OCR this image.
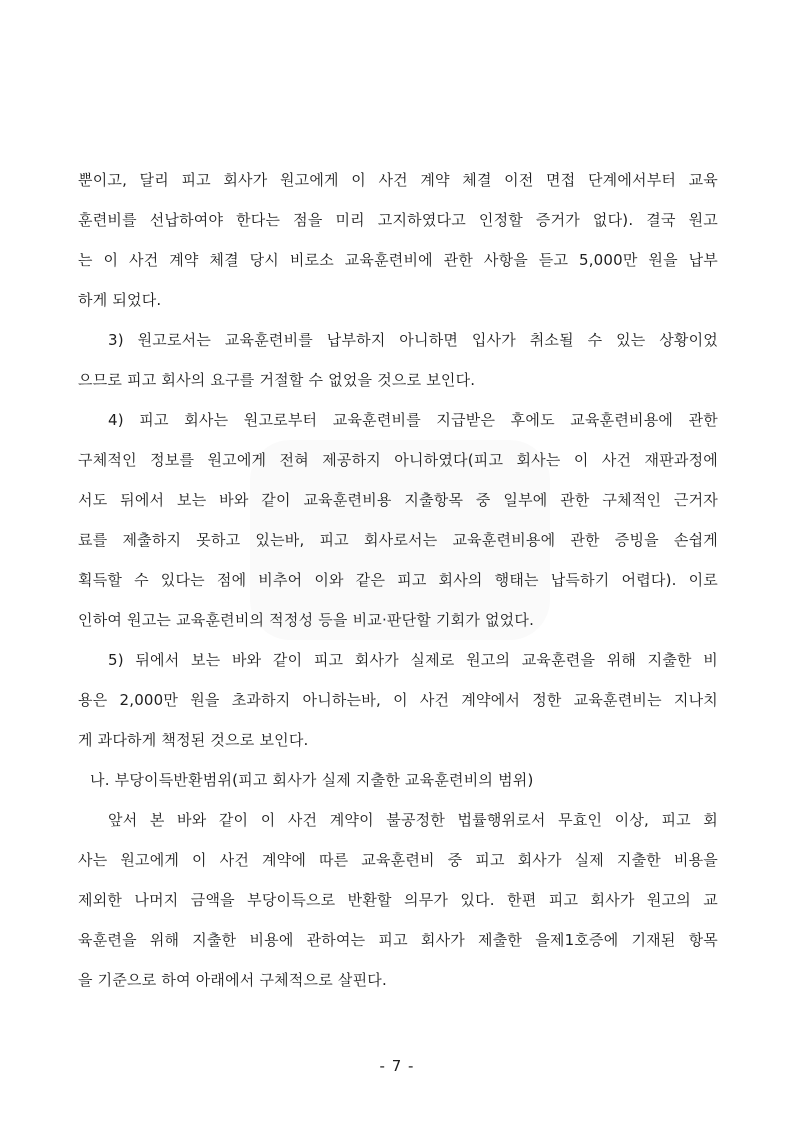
뿐이고, 달리 피고 회사가 원고에게 이 사건 계약 체결 이전 면접 단계에서부터 교육
훈련비를 선납하여야 한다는 점을 미리 고지하였다고 인정할 증거가 없다). 결국 원고
는 이 사건 계약 체결 당시 비로소 교육훈련비에 관한 사항을 듣고 5,000만 원을 납부
하게 되었다.
3) 원고로서는 교육훈련비를 납부하지 아니하면 입사가 취소될 수 있는 상황이었
으므로 피고 회사의 요구를 거절할 수 없었을 것으로 보인다.
4) 피고 회사는 원고로부터 교육훈련비를 지급받은 후에도 교육훈련비용에 관한
구체적인 정보를 원고에게 전혀 제공하지 아니하였다(피고 회사는 이 사건 재판과정에
서도 뒤에서 보는 바와 같이 교육훈련비용 지출항목 중 일부에 관한 구체적인 근거자
료를 제출하지 못하고 있는바, 피고 회사로서는 교육훈련비용에 관한 증빙을 손쉽게
획득할 수 있다는 점에 비추어 이와 같은 피고 회사의 행태는 납득하기 어렵다). 이로
인하여 원고는 교육훈련비의 적정성 등을 비교·판단할 기회가 없었다.
5) 뒤에서 보는 바와 같이 피고 회사가 실제로 원고의 교육훈련을 위해 지출한 비
용은 2,000만 원을 초과하지 아니하는바, 이 사건 계약에서 정한 교육훈련비는 지나치
게 과다하게 책정된 것으로 보인다.
나. 부당이득반환범위(피고 회사가 실제 지출한 교육훈련비의 범위)
앞서 본 바와 같이 이 사건 계약이 불공정한 법률행위로서 무효인 이상, 피고 회
사는 원고에게 이 사건 계약에 따른 교육훈련비 중 피고 회사가 실제 지출한 비용을
제외한 나머지 금액을 부당이득으로 반환할 의무가 있다. 한편 피고 회사가 원고의 교
육훈련을 위해 지출한 비용에 관하여는 피고 회사가 제출한 을제1호증에 기재된 항목
을 기준으로 하여 아래에서 구체적으로 살핀다.
- 7 -
